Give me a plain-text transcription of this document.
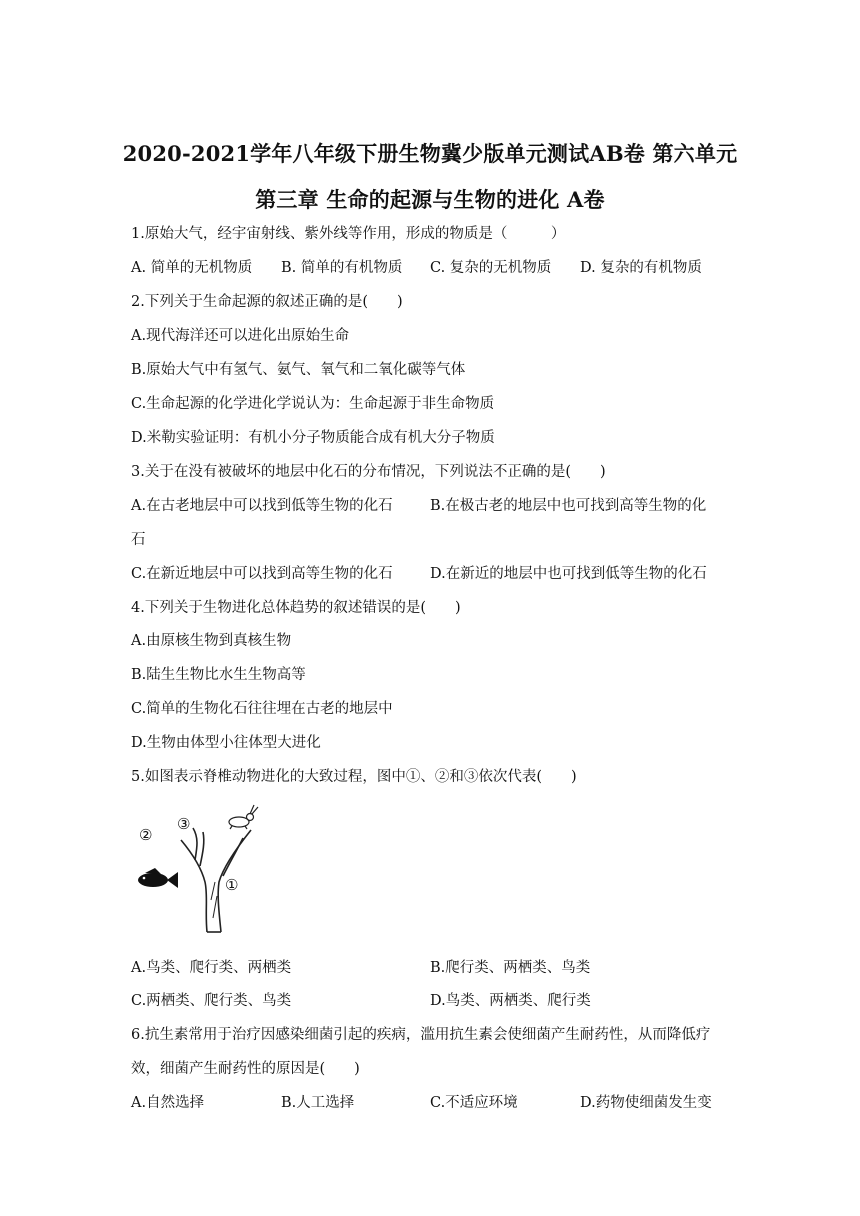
2020-2021学年八年级下册生物冀少版单元测试AB卷 第六单元
第三章 生命的起源与生物的进化 A卷
1.原始大气，经宇宙射线、紫外线等作用，形成的物质是（　　　）
A. 简单的无机物质 B. 简单的有机物质 C. 复杂的无机物质 D. 复杂的有机物质
2.下列关于生命起源的叙述正确的是(　　)
A.现代海洋还可以进化出原始生命
B.原始大气中有氢气、氨气、氧气和二氧化碳等气体
C.生命起源的化学进化学说认为：生命起源于非生命物质
D.米勒实验证明：有机小分子物质能合成有机大分子物质
3.关于在没有被破坏的地层中化石的分布情况，下列说法不正确的是(　　)
A.在古老地层中可以找到低等生物的化石	B.在极古老的地层中也可找到高等生物的化
石
C.在新近地层中可以找到高等生物的化石	D.在新近的地层中也可找到低等生物的化石
4.下列关于生物进化总体趋势的叙述错误的是(　　)
A.由原核生物到真核生物
B.陆生生物比水生生物高等
C.简单的生物化石往往埋在古老的地层中
D.生物由体型小往体型大进化
5.如图表示脊椎动物进化的大致过程，图中①、②和③依次代表(　　)
②
③
①
A.鸟类、爬行类、两栖类	B.爬行类、两栖类、鸟类
C.两栖类、爬行类、鸟类	D.鸟类、两栖类、爬行类
6.抗生素常用于治疗因感染细菌引起的疾病，滥用抗生素会使细菌产生耐药性，从而降低疗
效，细菌产生耐药性的原因是(　　)
A.自然选择	B.人工选择	C.不适应环境	D.药物使细菌发生变
